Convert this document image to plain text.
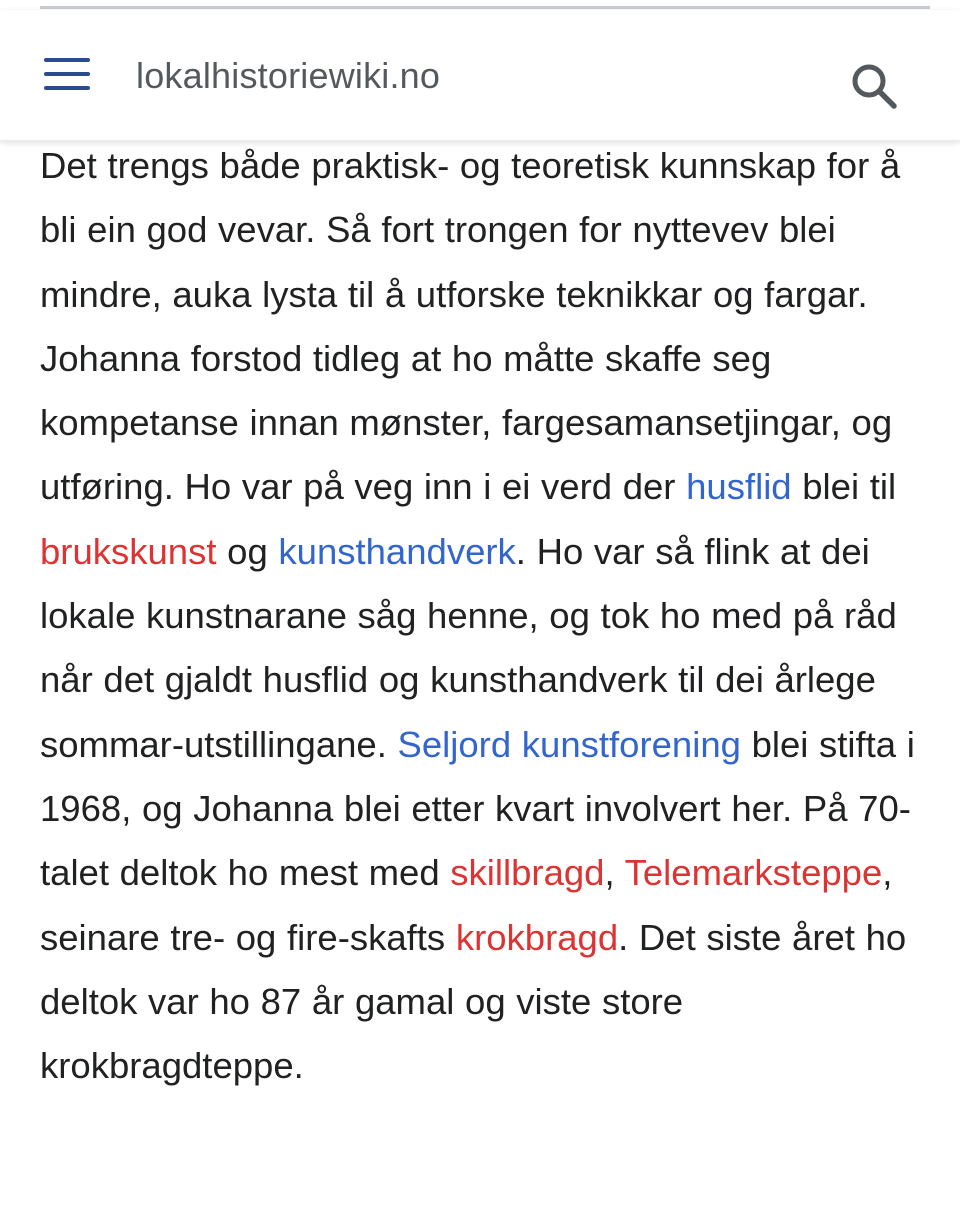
lokalhistoriewiki.no

Det trengs både praktisk- og teoretisk kunnskap for å bli ein god vevar. Så fort trongen for nyttevev blei mindre, auka lysta til å utforske teknikkar og fargar. Johanna forstod tidleg at ho måtte skaffe seg kompetanse innan mønster, fargesamansetjingar, og utføring. Ho var på veg inn i ei verd der husflid blei til brukskunst og kunsthandverk. Ho var så flink at dei lokale kunstnarane såg henne, og tok ho med på råd når det gjaldt husflid og kunsthandverk til dei årlege sommar-utstillingane. Seljord kunstforening blei stifta i 1968, og Johanna blei etter kvart involvert her. På 70-talet deltok ho mest med skillbragd, Telemarksteppe, seinare tre- og fire-skafts krokbragd. Det siste året ho deltok var ho 87 år gamal og viste store krokbragdteppe.
